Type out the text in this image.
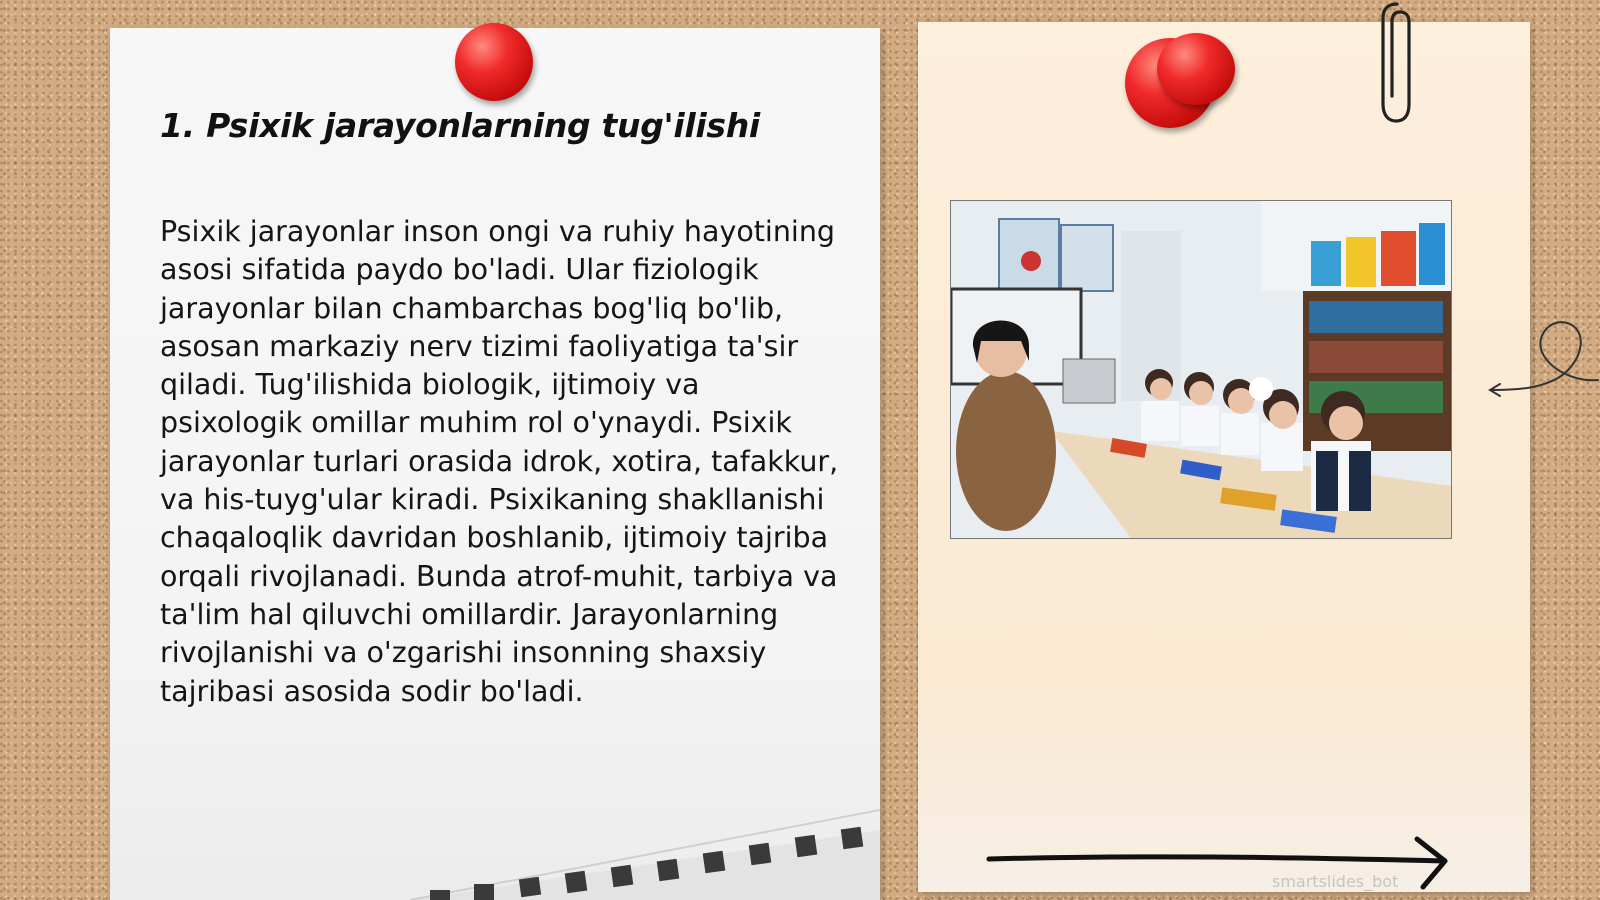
1. Psixik jarayonlarning tug'ilishi

Psixik jarayonlar inson ongi va ruhiy hayotining asosi sifatida paydo bo'ladi. Ular fiziologik jarayonlar bilan chambarchas bog'liq bo'lib, asosan markaziy nerv tizimi faoliyatiga ta'sir qiladi. Tug'ilishida biologik, ijtimoiy va psixologik omillar muhim rol o'ynaydi. Psixik jarayonlar turlari orasida idrok, xotira, tafakkur, va his-tuyg'ular kiradi. Psixikaning shakllanishi chaqaloqlik davridan boshlanib, ijtimoiy tajriba orqali rivojlanadi. Bunda atrof-muhit, tarbiya va ta'lim hal qiluvchi omillardir. Jarayonlarning rivojlanishi va o'zgarishi insonning shaxsiy tajribasi asosida sodir bo'ladi.

smartslides_bot
